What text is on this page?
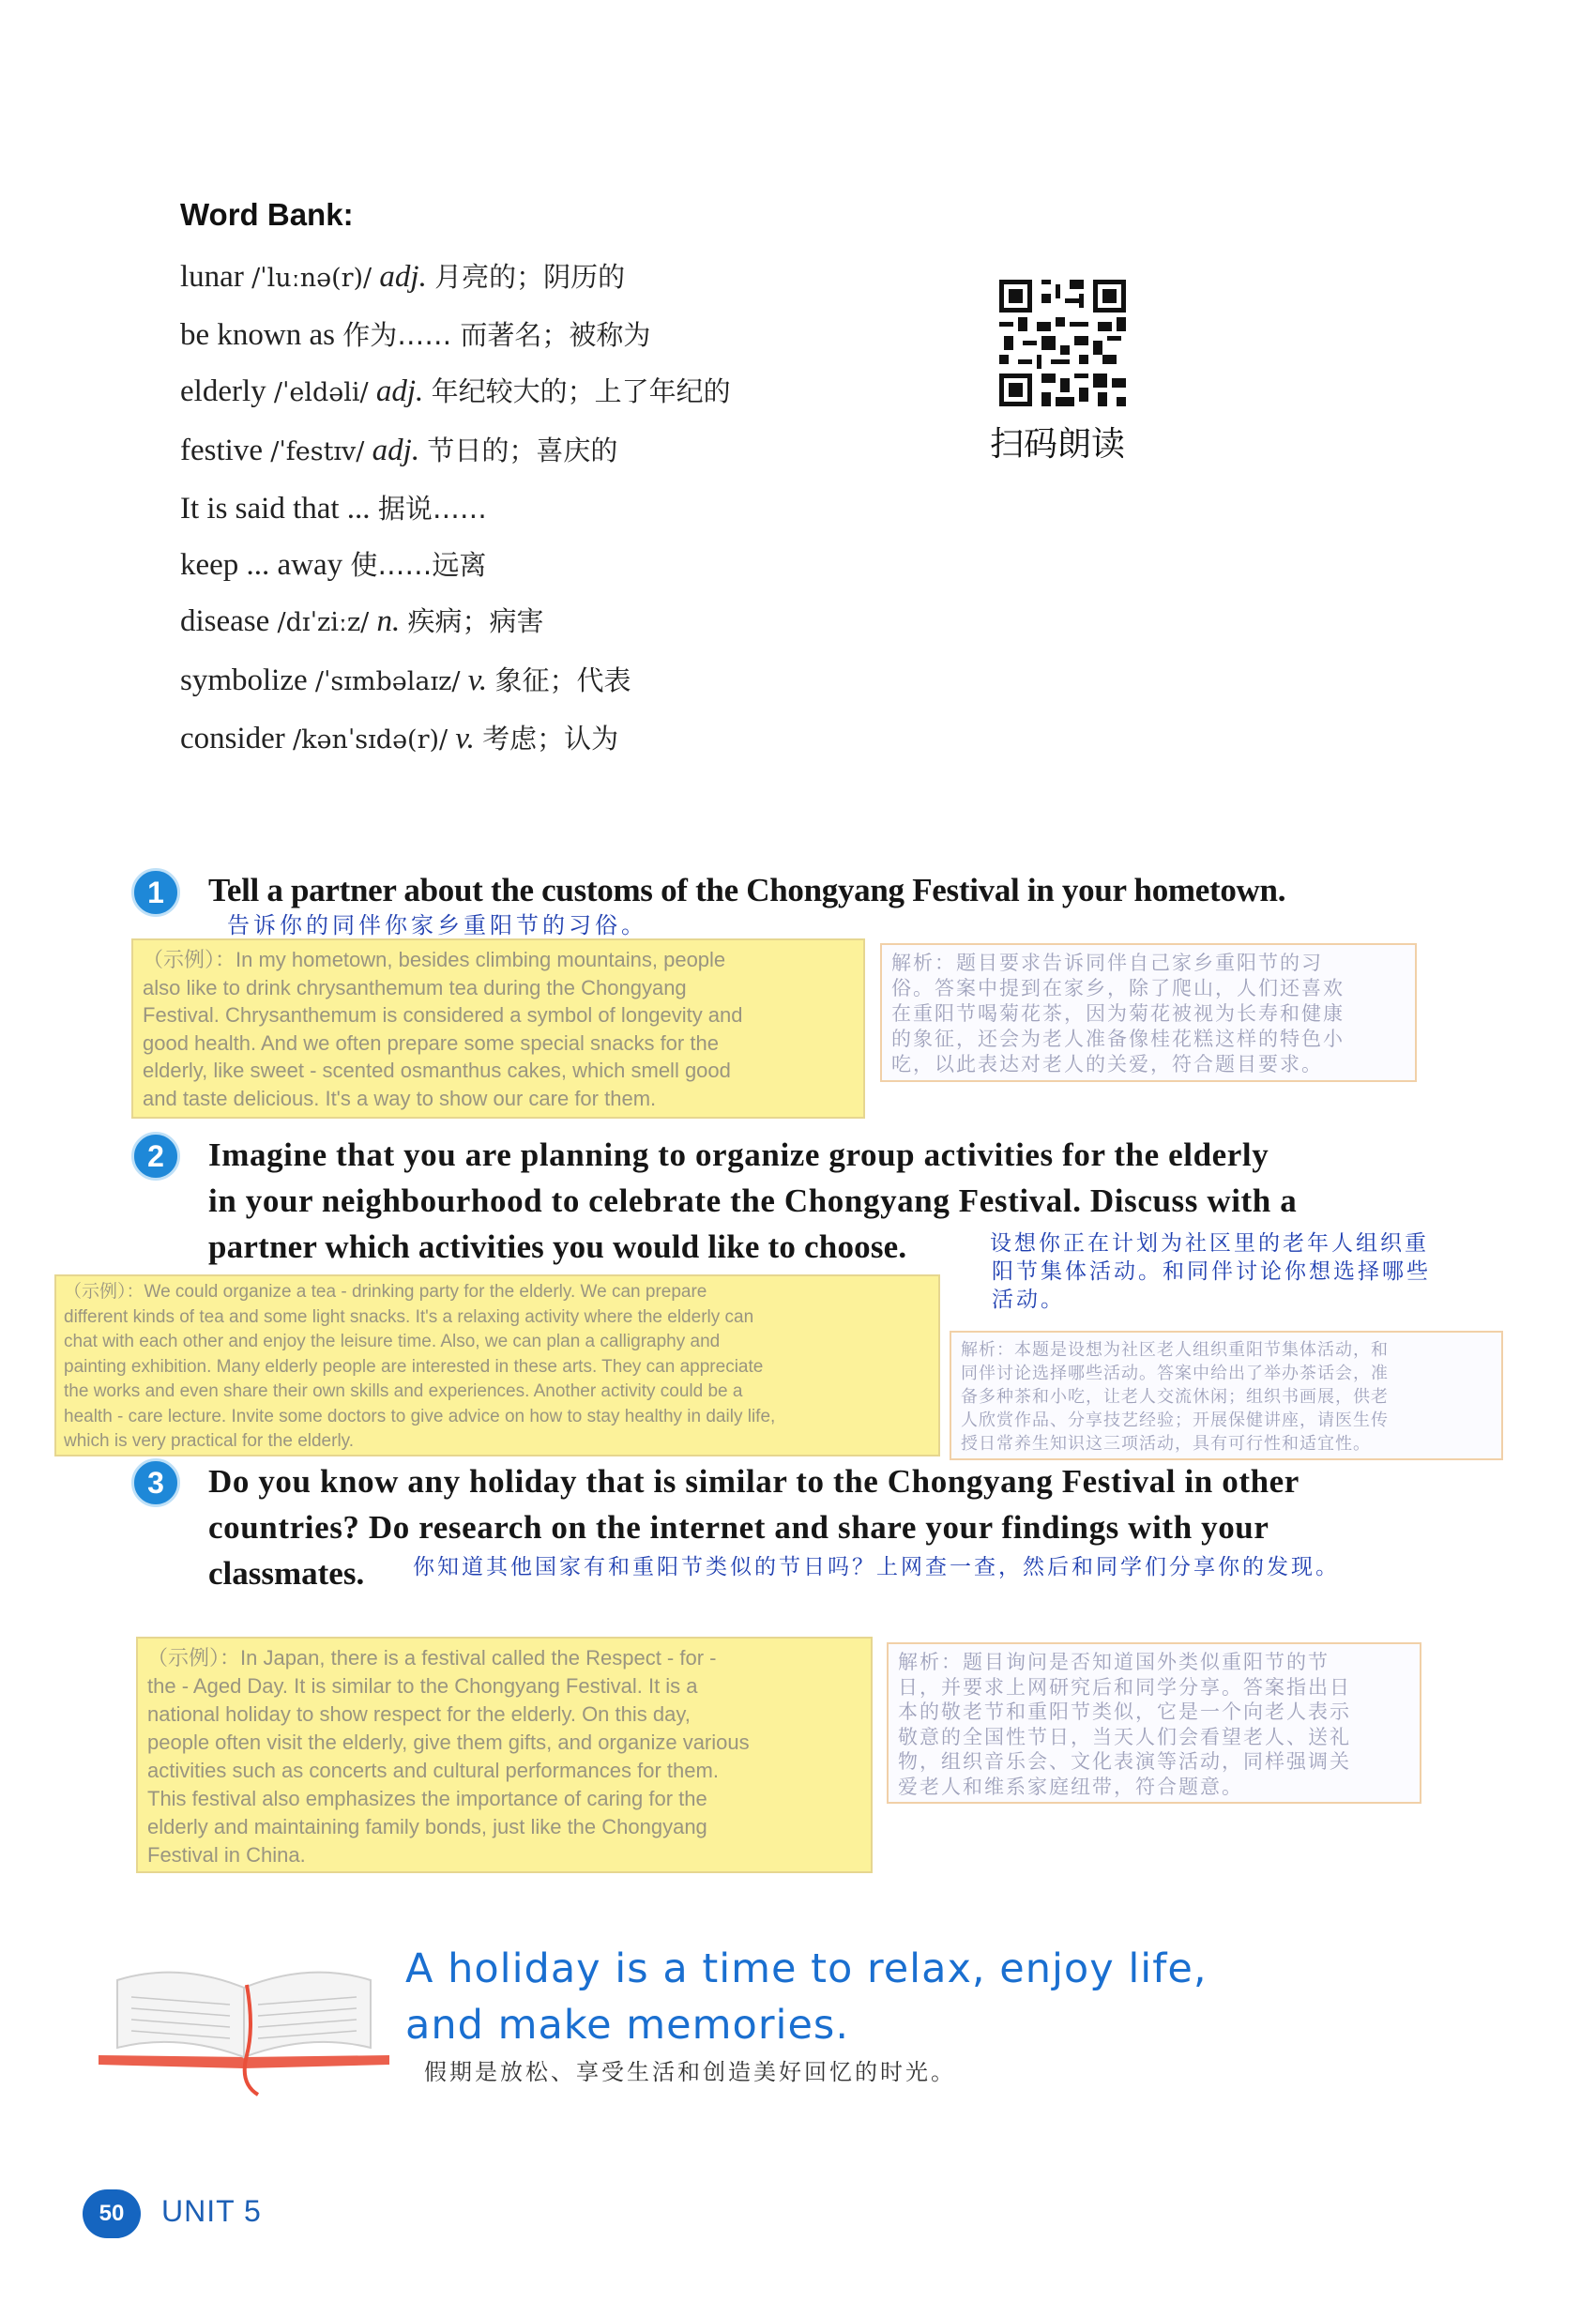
Word Bank:
lunar /ˈluːnə(r)/ adj. 月亮的；阴历的
be known as 作为…… 而著名；被称为
elderly /ˈeldəli/ adj. 年纪较大的；上了年纪的
festive /ˈfestɪv/ adj. 节日的；喜庆的
It is said that ... 据说……
keep ... away 使……远离
disease /dɪˈziːz/ n. 疾病；病害
symbolize /ˈsɪmbəlaɪz/ v. 象征；代表
consider /kənˈsɪdə(r)/ v. 考虑；认为
扫码朗读
1	Tell a partner about the customs of the Chongyang Festival in your hometown.
告诉你的同伴你家乡重阳节的习俗。
（示例）：In my hometown, besides climbing mountains, people
also like to drink chrysanthemum tea during the Chongyang
Festival. Chrysanthemum is considered a symbol of longevity and
good health. And we often prepare some special snacks for the
elderly, like sweet - scented osmanthus cakes, which smell good
and taste delicious. It's a way to show our care for them.
解析：题目要求告诉同伴自己家乡重阳节的习
俗。答案中提到在家乡，除了爬山，人们还喜欢
在重阳节喝菊花茶，因为菊花被视为长寿和健康
的象征，还会为老人准备像桂花糕这样的特色小
吃，以此表达对老人的关爱，符合题目要求。
2	Imagine that you are planning to organize group activities for the elderly
in your neighbourhood to celebrate the Chongyang Festival. Discuss with a
partner which activities you would like to choose.	设想你正在计划为社区里的老年人组织重
阳节集体活动。和同伴讨论你想选择哪些
活动。
（示例）：We could organize a tea - drinking party for the elderly. We can prepare
different kinds of tea and some light snacks. It's a relaxing activity where the elderly can
chat with each other and enjoy the leisure time. Also, we can plan a calligraphy and
painting exhibition. Many elderly people are interested in these arts. They can appreciate
the works and even share their own skills and experiences. Another activity could be a
health - care lecture. Invite some doctors to give advice on how to stay healthy in daily life,
which is very practical for the elderly.
解析：本题是设想为社区老人组织重阳节集体活动，和
同伴讨论选择哪些活动。答案中给出了举办茶话会，准
备多种茶和小吃，让老人交流休闲；组织书画展，供老
人欣赏作品、分享技艺经验；开展保健讲座，请医生传
授日常养生知识这三项活动，具有可行性和适宜性。
3	Do you know any holiday that is similar to the Chongyang Festival in other
countries? Do research on the internet and share your findings with your
classmates.	你知道其他国家有和重阳节类似的节日吗？上网查一查，然后和同学们分享你的发现。
（示例）：In Japan, there is a festival called the Respect - for -
the - Aged Day. It is similar to the Chongyang Festival. It is a
national holiday to show respect for the elderly. On this day,
people often visit the elderly, give them gifts, and organize various
activities such as concerts and cultural performances for them.
This festival also emphasizes the importance of caring for the
elderly and maintaining family bonds, just like the Chongyang
Festival in China.
解析：题目询问是否知道国外类似重阳节的节
日，并要求上网研究后和同学分享。答案指出日
本的敬老节和重阳节类似，它是一个向老人表示
敬意的全国性节日，当天人们会看望老人、送礼
物，组织音乐会、文化表演等活动，同样强调关
爱老人和维系家庭纽带，符合题意。
A holiday is a time to relax, enjoy life,
and make memories.
假期是放松、享受生活和创造美好回忆的时光。
50	UNIT 5
